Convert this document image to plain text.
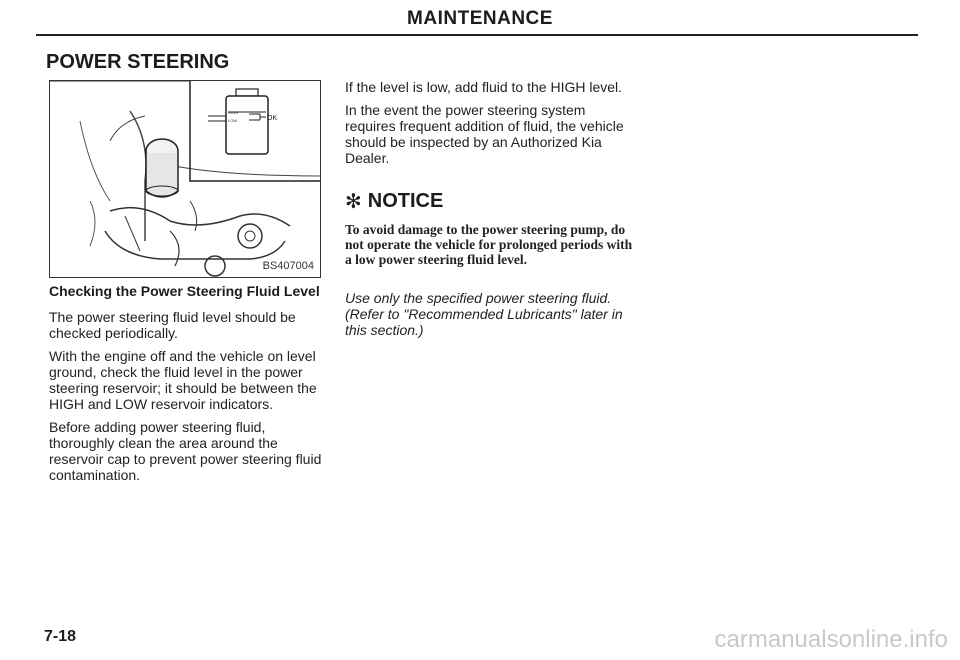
MAINTENANCE
POWER STEERING
HIGH
LOW	OK
BS407004
Checking the Power Steering Fluid Level

The power steering fluid level should be checked periodically.

With the engine off and the vehicle on level ground, check the fluid level in the power steering reservoir; it should be between the HIGH and LOW reservoir indicators.

Before adding power steering fluid, thoroughly clean the area around the reservoir cap to prevent power steering fluid contamination.

If the level is low, add fluid to the HIGH level.

In the event the power steering system requires frequent addition of fluid, the vehicle should be inspected by an Authorized Kia Dealer.

✻ NOTICE

To avoid damage to the power steering pump, do not operate the vehicle for prolonged periods with a low power steering fluid level.

Use only the specified power steering fluid. (Refer to "Recommended Lubricants" later in this section.)

7-18	carmanualsonline.info
